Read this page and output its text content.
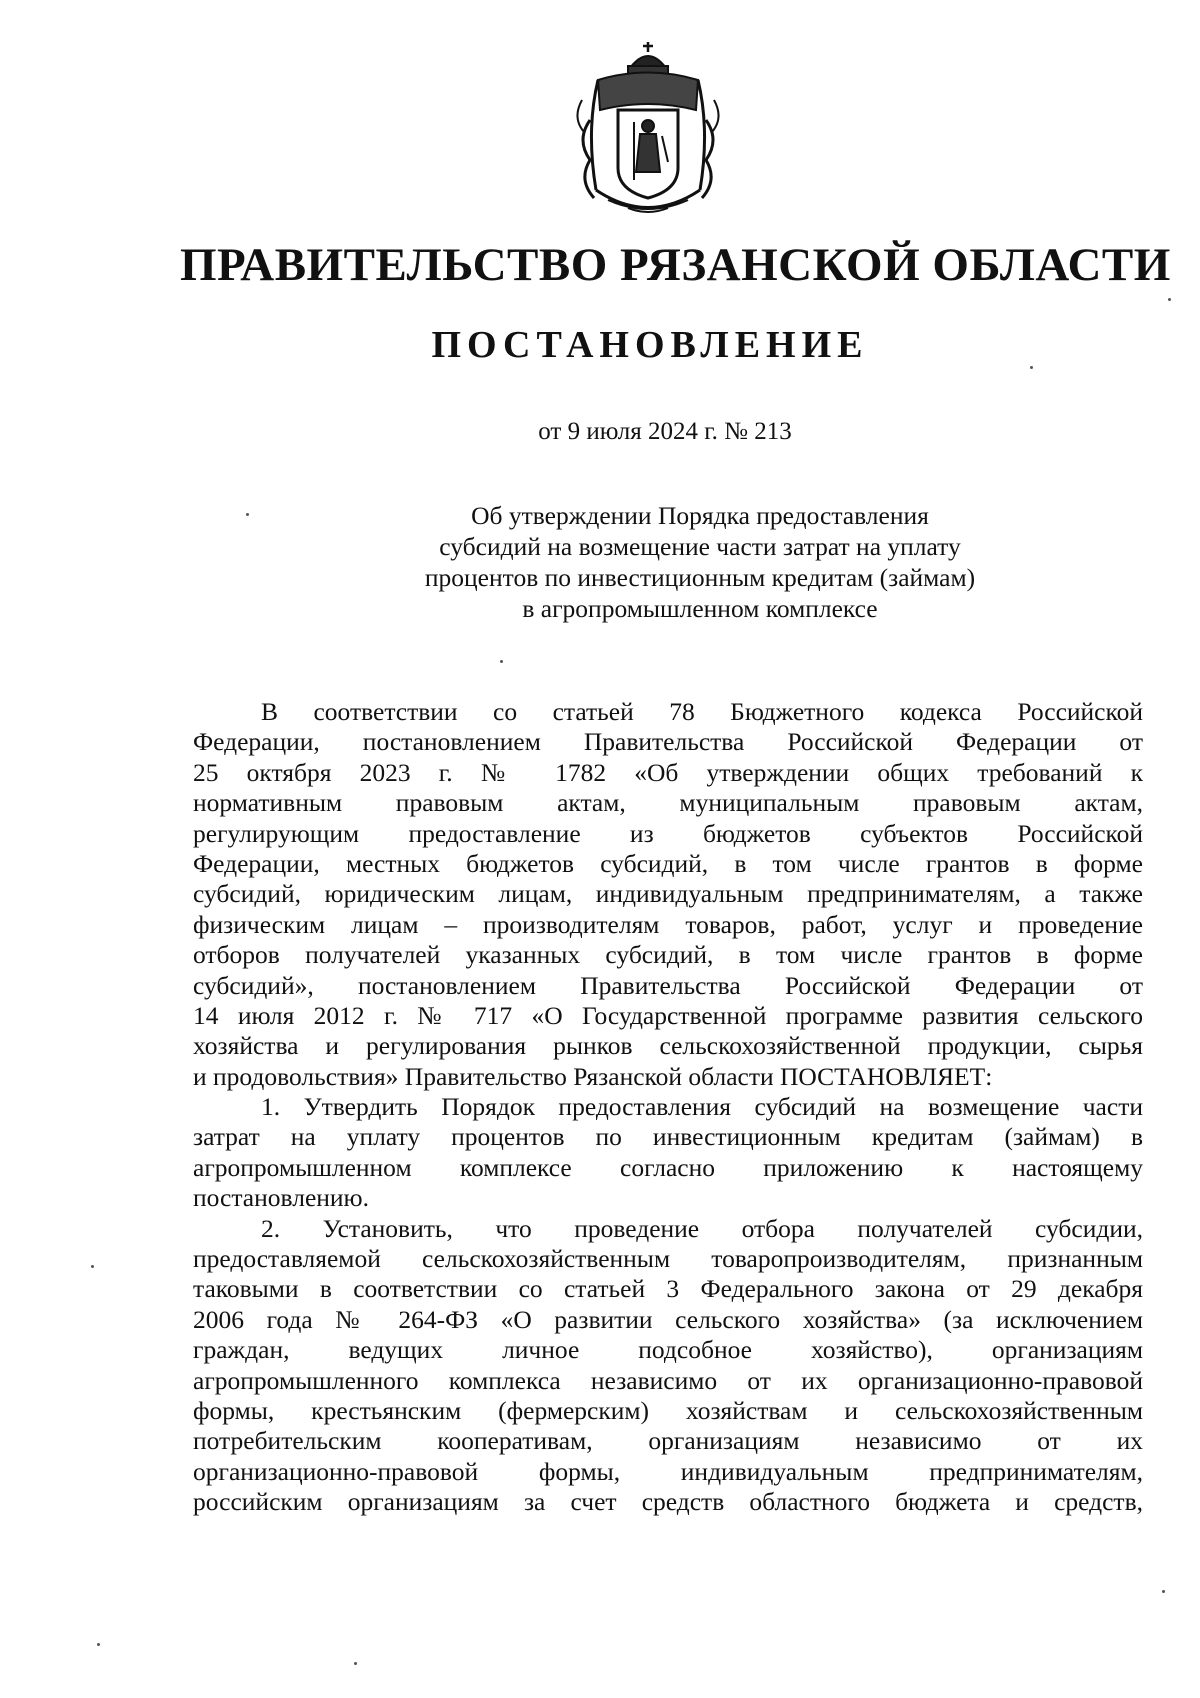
ПРАВИТЕЛЬСТВО РЯЗАНСКОЙ ОБЛАСТИ
ПОСТАНОВЛЕНИЕ
от 9 июля 2024 г. № 213
Об утверждении Порядка предоставления
субсидий на возмещение части затрат на уплату
процентов по инвестиционным кредитам (займам)
в агропромышленном комплексе
В соответствии со статьей 78 Бюджетного кодекса Российской
Федерации, постановлением Правительства Российской Федерации от
25 октября 2023 г. № 1782 «Об утверждении общих требований к
нормативным правовым актам, муниципальным правовым актам,
регулирующим предоставление из бюджетов субъектов Российской
Федерации, местных бюджетов субсидий, в том числе грантов в форме
субсидий, юридическим лицам, индивидуальным предпринимателям, а также
физическим лицам – производителям товаров, работ, услуг и проведение
отборов получателей указанных субсидий, в том числе грантов в форме
субсидий», постановлением Правительства Российской Федерации от
14 июля 2012 г. № 717 «О Государственной программе развития сельского
хозяйства и регулирования рынков сельскохозяйственной продукции, сырья
и продовольствия» Правительство Рязанской области ПОСТАНОВЛЯЕТ:
1. Утвердить Порядок предоставления субсидий на возмещение части
затрат на уплату процентов по инвестиционным кредитам (займам) в
агропромышленном комплексе согласно приложению к настоящему
постановлению.
2. Установить, что проведение отбора получателей субсидии,
предоставляемой сельскохозяйственным товаропроизводителям, признанным
таковыми в соответствии со статьей 3 Федерального закона от 29 декабря
2006 года № 264-ФЗ «О развитии сельского хозяйства» (за исключением
граждан, ведущих личное подсобное хозяйство), организациям
агропромышленного комплекса независимо от их организационно-правовой
формы, крестьянским (фермерским) хозяйствам и сельскохозяйственным
потребительским кооперативам, организациям независимо от их
организационно-правовой формы, индивидуальным предпринимателям,
российским организациям за счет средств областного бюджета и средств,
